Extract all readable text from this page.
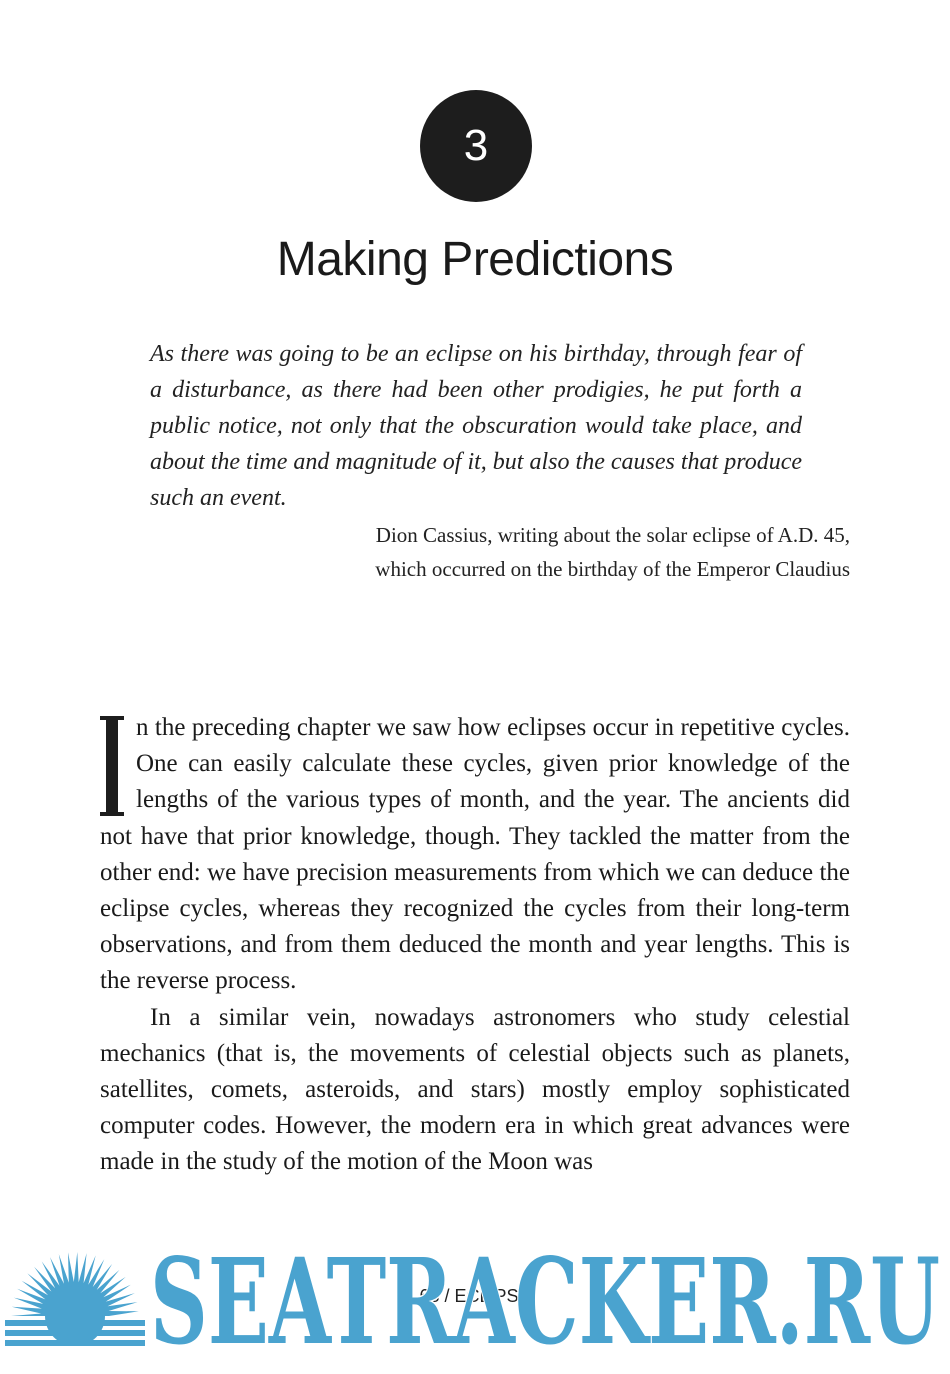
3
Making Predictions
As there was going to be an eclipse on his birthday, through fear of a disturbance, as there had been other prodigies, he put forth a public notice, not only that the obscuration would take place, and about the time and magnitude of it, but also the causes that produce such an event.
Dion Cassius, writing about the solar eclipse of A.D. 45,
which occurred on the birthday of the Emperor Claudius

n the preceding chapter we saw how eclipses occur in repetitive cycles. One can easily calculate these cycles, given prior knowledge of the lengths of the various types of month, and the year. The ancients did not have that prior knowledge, though. They tackled the matter from the other end: we have precision measurements from which we can deduce the eclipse cycles, whereas they recognized the cycles from their long-term observations, and from them deduced the month and year lengths. This is the reverse process.

In a similar vein, nowadays astronomers who study celestial mechanics (that is, the movements of celestial objects such as planets, satellites, comets, asteroids, and stars) mostly employ sophisticated computer codes. However, the modern era in which great advances were made in the study of the motion of the Moon was

68 / ECLIPSE
SEATRACKER.RU
